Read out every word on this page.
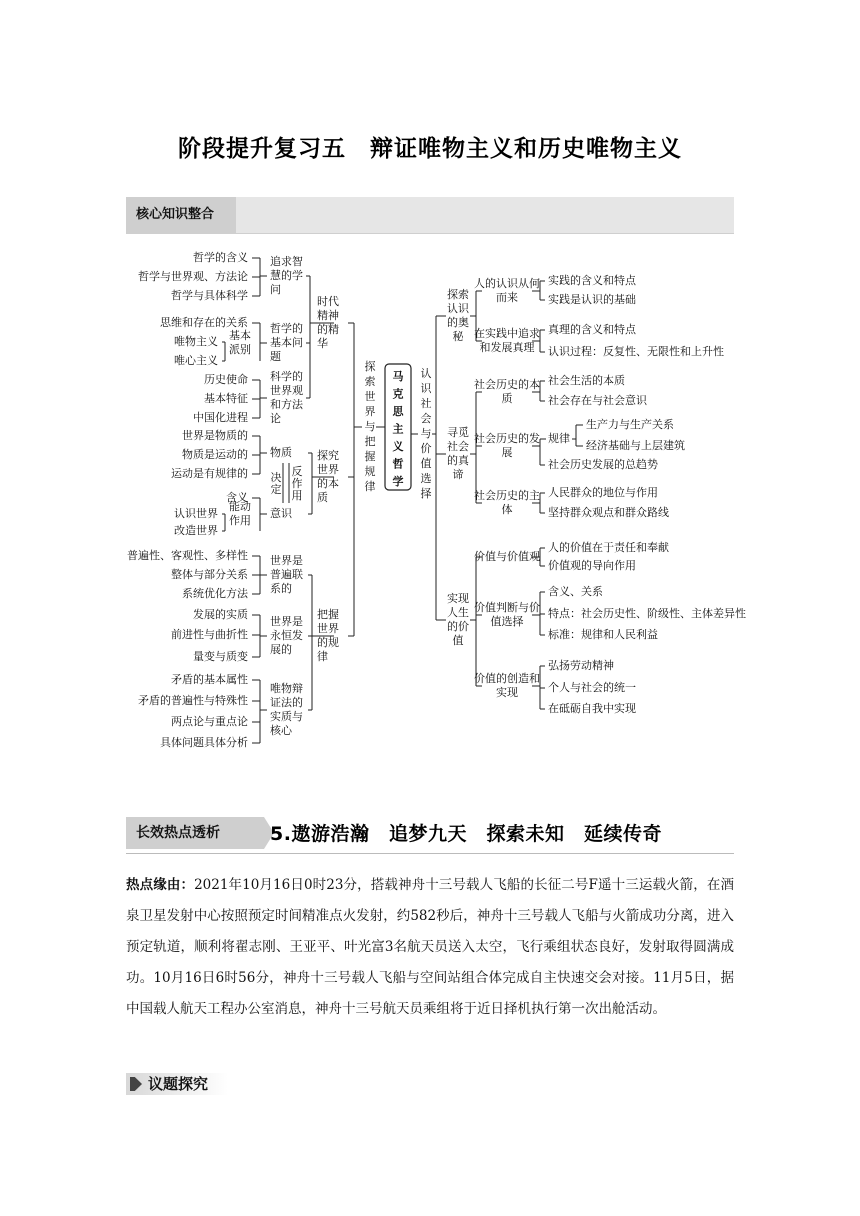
阶段提升复习五　辩证唯物主义和历史唯物主义
核心知识整合
马
克
思
主
义
哲
学
探
索
世
界
与
把
握
规
律
认
识
社
会
与
价
值
选
择
时代
精神
的精
华
追求智
慧的学
问
哲学的含义
哲学与世界观、方法论
哲学与具体科学
哲学的
基本问
题
基本
派别
思维和存在的关系
唯物主义
唯心主义
科学的
世界观
和方法
论
历史使命
基本特征
中国化进程
探究
世界
的本
质
物质
世界是物质的
物质是运动的
运动是有规律的
意识
能动
作用
含义
认识世界
改造世界
把握
世界
的规
律
世界是
普遍联
系的
普遍性、客观性、多样性
整体与部分关系
系统优化方法
世界是
永恒发
展的
发展的实质
前进性与曲折性
量变与质变
唯物辩
证法的
实质与
核心
矛盾的基本属性
矛盾的普遍性与特殊性
两点论与重点论
具体问题具体分析
决
定
反
作
用
探索
认识
的奥
秘
人的认识从何
而来
实践的含义和特点
实践是认识的基础
在实践中追求
和发展真理
真理的含义和特点
认识过程：反复性、无限性和上升性
寻觅
社会
的真
谛
社会历史的本
质
社会生活的本质
社会存在与社会意识
社会历史的发
展
规律
生产力与生产关系
经济基础与上层建筑
社会历史发展的总趋势
社会历史的主
体
人民群众的地位与作用
坚持群众观点和群众路线
实现
人生
的价
值
价值与价值观
人的价值在于责任和奉献
价值观的导向作用
价值判断与价
值选择
含义、关系
特点：社会历史性、阶级性、主体差异性
标准：规律和人民利益
价值的创造和
实现
弘扬劳动精神
个人与社会的统一
在砥砺自我中实现
长效热点透析	5.遨游浩瀚　追梦九天　探索未知　延续传奇
热点缘由：2021年10月16日0时23分，搭载神舟十三号载人飞船的长征二号F遥十三运载火箭，在酒泉卫星发射中心按照预定时间精准点火发射，约582秒后，神舟十三号载人飞船与火箭成功分离，进入预定轨道，顺利将翟志刚、王亚平、叶光富3名航天员送入太空，飞行乘组状态良好，发射取得圆满成功。10月16日6时56分，神舟十三号载人飞船与空间站组合体完成自主快速交会对接。11月5日，据中国载人航天工程办公室消息，神舟十三号航天员乘组将于近日择机执行第一次出舱活动。
议题探究
